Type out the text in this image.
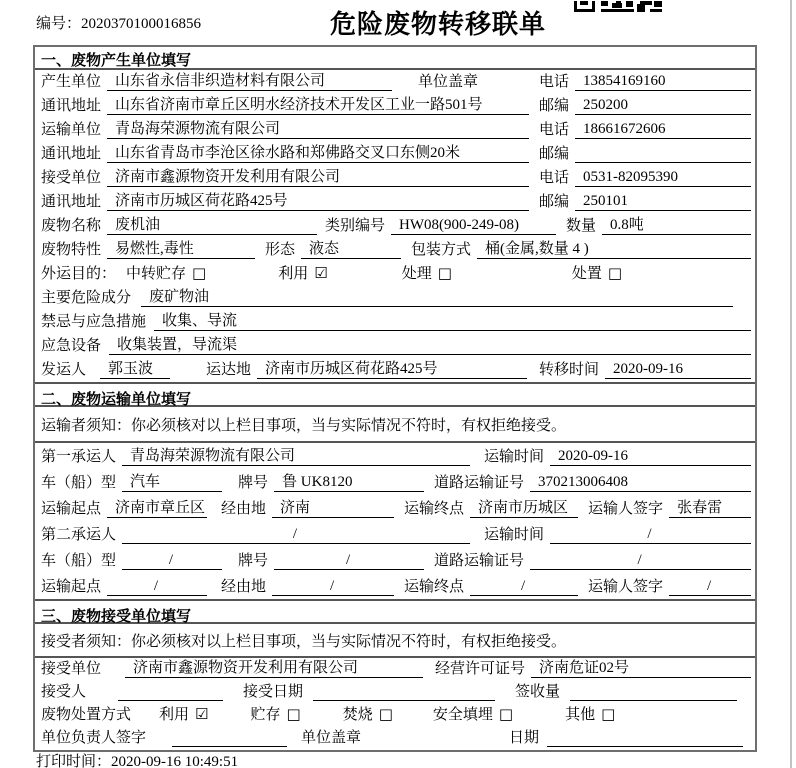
编号：2020370100016856	危险废物转移联单
一、废物产生单位填写
产生单位 山东省永信非织造材料有限公司	单位盖章	电话 13854169160
通讯地址 山东省济南市章丘区明水经济技术开发区工业一路501号	邮编 250200
运输单位 青岛海荣源物流有限公司	电话 18661672606
通讯地址 山东省青岛市李沧区徐水路和郑佛路交叉口东侧20米	邮编
接受单位 济南市鑫源物资开发利用有限公司	电话 0531-82095390
通讯地址 济南市历城区荷花路425号	邮编 250101
废物名称 废机油	类别编号 HW08(900-249-08)	数量 0.8吨
废物特性 易燃性,毒性	形态 液态	包装方式 桶(金属,数量 4 )
外运目的： 中转贮存 □	利用 ☑	处理 □	处置 □
主要危险成分	废矿物油
禁忌与应急措施	收集、导流
应急设备	收集装置，导流渠
发运人	郭玉波	运达地 济南市历城区荷花路425号	转移时间 2020-09-16
二、废物运输单位填写
运输者须知：你必须核对以上栏目事项，当与实际情况不符时，有权拒绝接受。
第一承运人 青岛海荣源物流有限公司	运输时间 2020-09-16
车（船）型 汽车	牌号 鲁 UK8120	道路运输证号 370213006408
运输起点 济南市章丘区 经由地 济南	运输终点 济南市历城区	运输人签字 张春雷
第二承运人	/	运输时间	/
车（船）型	/	牌号	/	道路运输证号	/
运输起点	/	经由地	/	运输终点	/	运输人签字	/
三、废物接受单位填写
接受者须知：你必须核对以上栏目事项，当与实际情况不符时，有权拒绝接受。
接受单位	济南市鑫源物资开发利用有限公司	经营许可证号 济南危证02号
接受人	接受日期	签收量
废物处置方式 利用 ☑	贮存 □	焚烧 □	安全填埋 □	其他 □
单位负责人签字	单位盖章	日期
打印时间：2020-09-16 10:49:51
